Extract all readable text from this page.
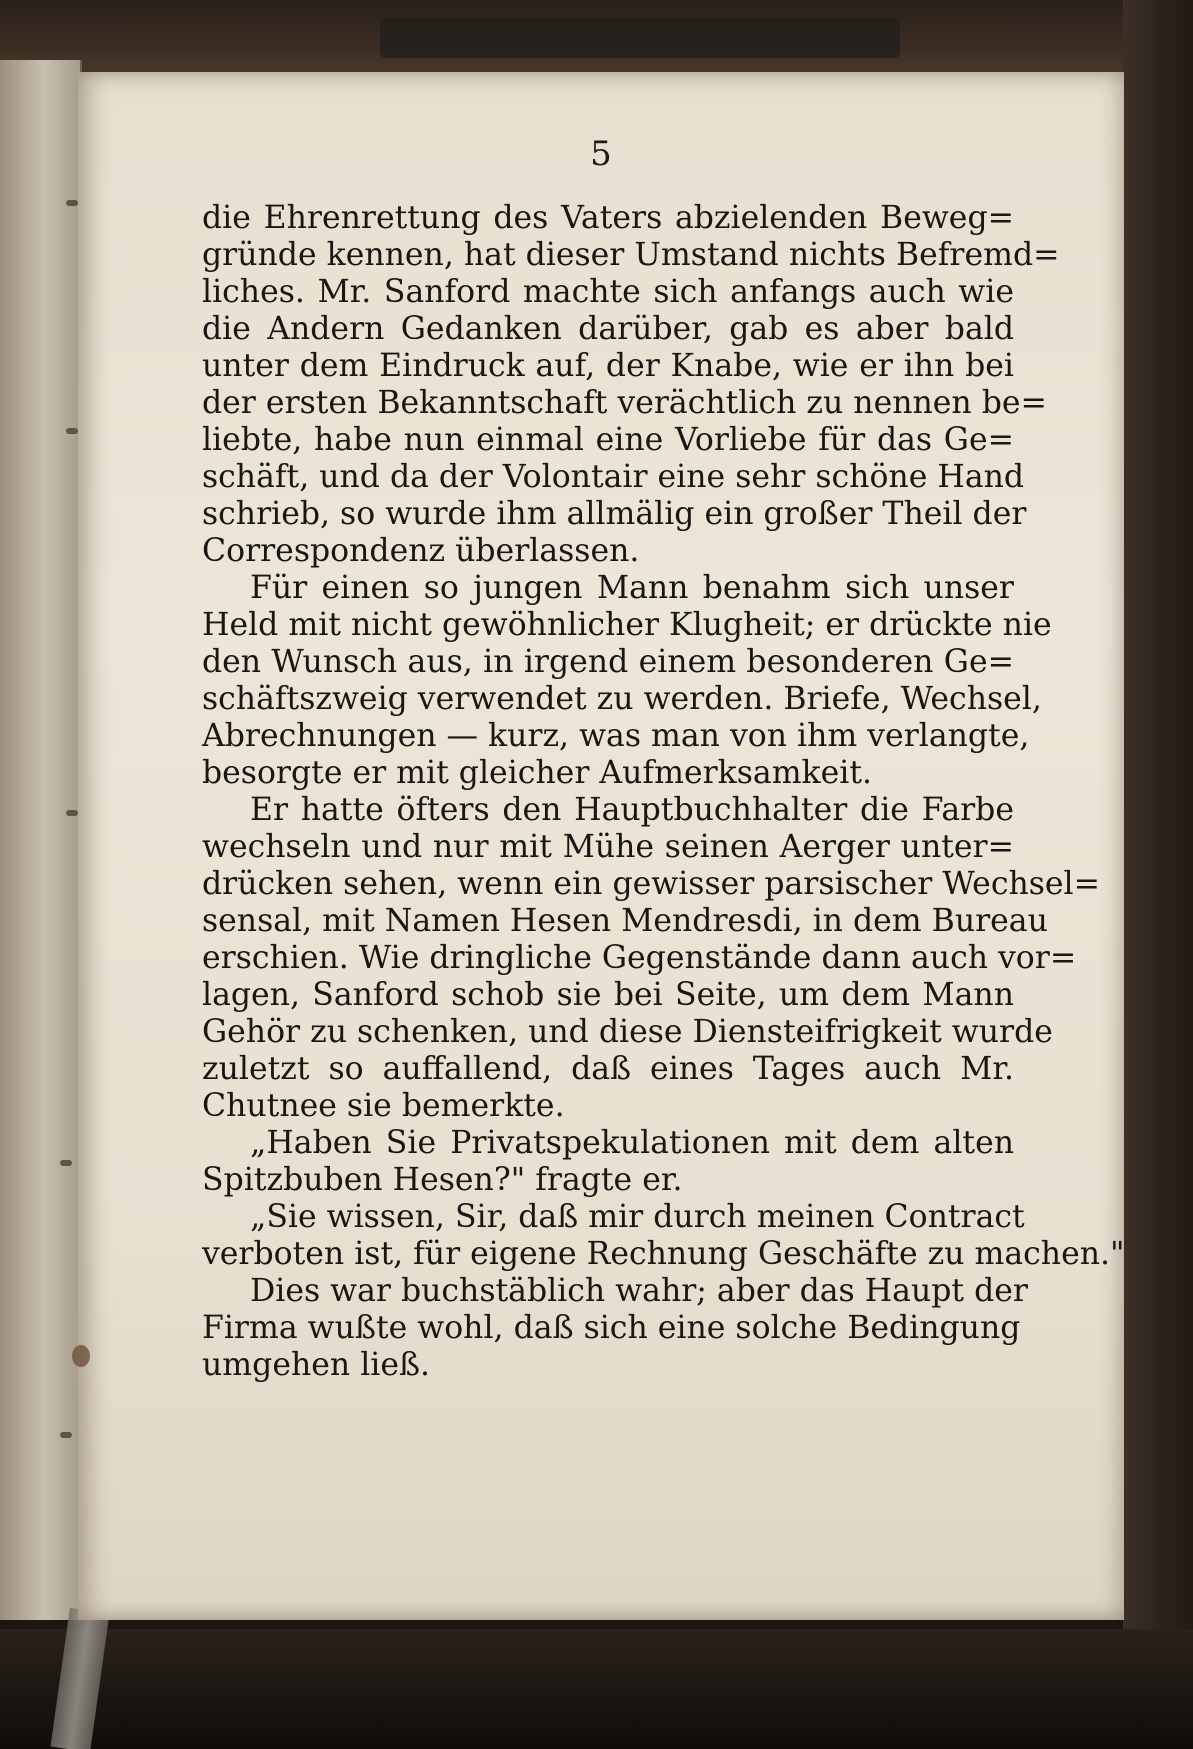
5
die Ehrenrettung des Vaters abzielenden Beweg=
gründe kennen, hat dieser Umstand nichts Befremd=
liches. Mr. Sanford machte sich anfangs auch wie
die Andern Gedanken darüber, gab es aber bald
unter dem Eindruck auf, der Knabe, wie er ihn bei
der ersten Bekanntschaft verächtlich zu nennen be=
liebte, habe nun einmal eine Vorliebe für das Ge=
schäft, und da der Volontair eine sehr schöne Hand
schrieb, so wurde ihm allmälig ein großer Theil der
Correspondenz überlassen.
Für einen so jungen Mann benahm sich unser
Held mit nicht gewöhnlicher Klugheit; er drückte nie
den Wunsch aus, in irgend einem besonderen Ge=
schäftszweig verwendet zu werden. Briefe, Wechsel,
Abrechnungen — kurz, was man von ihm verlangte,
besorgte er mit gleicher Aufmerksamkeit.
Er hatte öfters den Hauptbuchhalter die Farbe
wechseln und nur mit Mühe seinen Aerger unter=
drücken sehen, wenn ein gewisser parsischer Wechsel=
sensal, mit Namen Hesen Mendresdi, in dem Bureau
erschien. Wie dringliche Gegenstände dann auch vor=
lagen, Sanford schob sie bei Seite, um dem Mann
Gehör zu schenken, und diese Diensteifrigkeit wurde
zuletzt so auffallend, daß eines Tages auch Mr.
Chutnee sie bemerkte.
„Haben Sie Privatspekulationen mit dem alten
Spitzbuben Hesen?" fragte er.
„Sie wissen, Sir, daß mir durch meinen Contract
verboten ist, für eigene Rechnung Geschäfte zu machen."
Dies war buchstäblich wahr; aber das Haupt der
Firma wußte wohl, daß sich eine solche Bedingung
umgehen ließ.
